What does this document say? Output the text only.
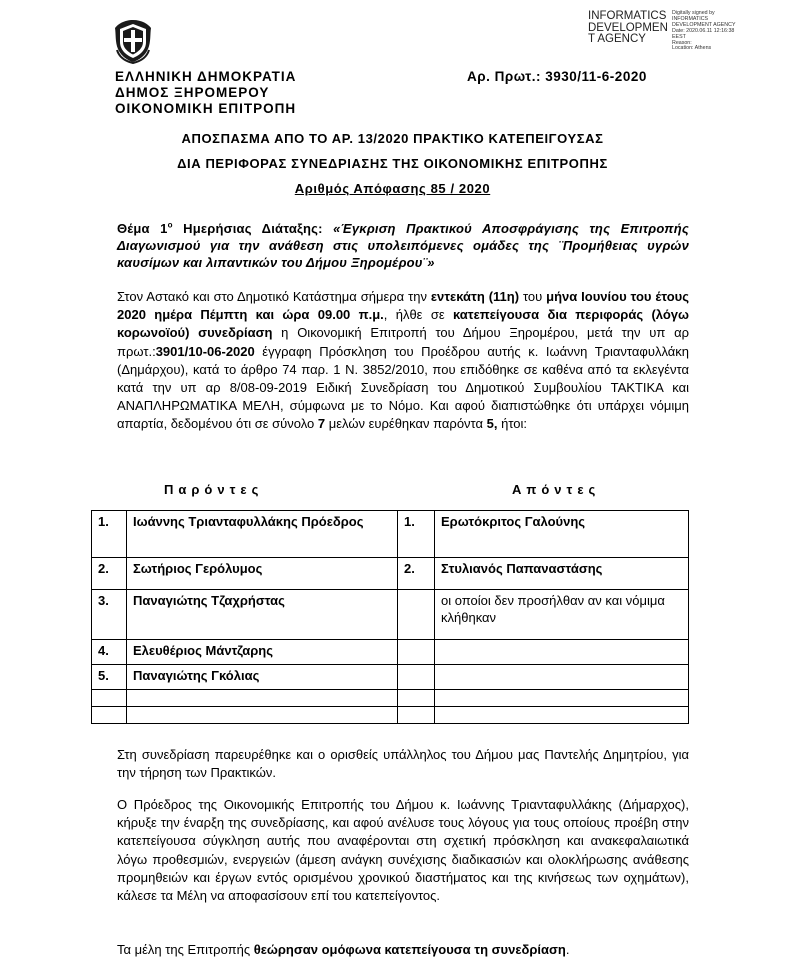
ΕΛΛΗΝΙΚΗ ΔΗΜΟΚΡΑΤΙΑ
ΔΗΜΟΣ ΞΗΡΟΜΕΡΟΥ
ΟΙΚΟΝΟΜΙΚΗ ΕΠΙΤΡΟΠΗ
Αρ. Πρωτ.: 3930/11-6-2020
INFORMATICS
DEVELOPMEN
T AGENCY
Digitally signed by
INFORMATICS
DEVELOPMENT AGENCY
Date: 2020.06.11 12:16:38
EEST
Reason:
Location: Athens
ΑΠΟΣΠΑΣΜΑ ΑΠΟ ΤΟ ΑΡ. 13/2020 ΠΡΑΚΤΙΚΟ ΚΑΤΕΠΕΙΓΟΥΣΑΣ
ΔΙΑ ΠΕΡΙΦΟΡΑΣ ΣΥΝΕΔΡΙΑΣΗΣ ΤΗΣ ΟΙΚΟΝΟΜΙΚΗΣ ΕΠΙΤΡΟΠΗΣ
Αριθμός Απόφασης 85 / 2020
Θέμα $1^o$ Ημερήσιας Διάταξης: «Έγκριση Πρακτικού Αποσφράγισης της Επιτροπής Διαγωνισμού για την ανάθεση στις υπολειπόμενες ομάδες της ¨Προμήθειας υγρών καυσίμων και λιπαντικών του Δήμου Ξηρομέρου¨»
Στον Αστακό και στο Δημοτικό Κατάστημα σήμερα την εντεκάτη (11η) του μήνα Ιουνίου του έτους 2020 ημέρα Πέμπτη και ώρα 09.00 π.μ., ήλθε σε κατεπείγουσα δια περιφοράς (λόγω κορωνοϊού) συνεδρίαση η Οικονομική Επιτροπή του Δήμου Ξηρομέρου, μετά την υπ αρ πρωτ.:3901/10-06-2020 έγγραφη Πρόσκληση του Προέδρου αυτής κ. Ιωάννη Τριανταφυλλάκη (Δημάρχου), κατά το άρθρο 74 παρ. 1 Ν. 3852/2010, που επιδόθηκε σε καθένα από τα εκλεγέντα κατά την υπ αρ 8/08-09-2019 Ειδική Συνεδρίαση του Δημοτικού Συμβουλίου ΤΑΚΤΙΚΑ και ΑΝΑΠΛΗΡΩΜΑΤΙΚΑ ΜΕΛΗ, σύμφωνα με το Νόμο. Και αφού διαπιστώθηκε ότι υπάρχει νόμιμη απαρτία, δεδομένου ότι σε σύνολο 7 μελών ευρέθηκαν παρόντα 5, ήτοι:
Παρόντες	Απόντες
1.	Ιωάννης Τριανταφυλλάκης Πρόεδρος	1.	Ερωτόκριτος Γαλούνης
2.	Σωτήριος Γερόλυμος	2.	Στυλιανός Παπαναστάσης
3.	Παναγιώτης Τζαχρήστας		οι οποίοι δεν προσήλθαν αν και νόμιμα κλήθηκαν
4.	Ελευθέριος Μάντζαρης		
5.	Παναγιώτης Γκόλιας		

Στη συνεδρίαση παρευρέθηκε και ο ορισθείς υπάλληλος του Δήμου μας Παντελής Δημητρίου, για την τήρηση των Πρακτικών.
Ο Πρόεδρος της Οικονομικής Επιτροπής του Δήμου κ. Ιωάννης Τριανταφυλλάκης (Δήμαρχος), κήρυξε την έναρξη της συνεδρίασης, και αφού ανέλυσε τους λόγους για τους οποίους προέβη στην κατεπείγουσα σύγκληση αυτής που αναφέρονται στη σχετική πρόσκληση και ανακεφαλαιωτικά λόγω προθεσμιών, ενεργειών (άμεση ανάγκη συνέχισης διαδικασιών και ολοκλήρωσης ανάθεσης προμηθειών και έργων εντός ορισμένου χρονικού διαστήματος και της κινήσεως των οχημάτων), κάλεσε τα Μέλη να αποφασίσουν επί του κατεπείγοντος.
Τα μέλη της Επιτροπής θεώρησαν ομόφωνα κατεπείγουσα τη συνεδρίαση.
